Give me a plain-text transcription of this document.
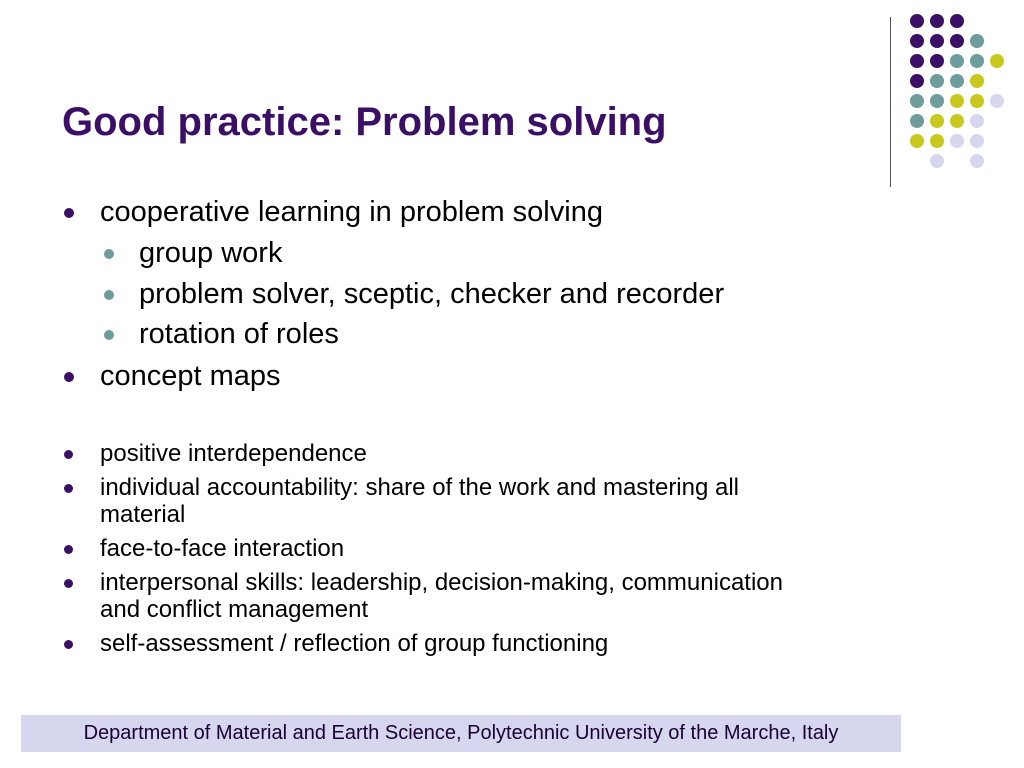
Good practice: Problem solving
cooperative learning in problem solving
group work
problem solver, sceptic, checker and recorder
rotation of roles
concept maps
positive interdependence
individual accountability: share of the work and mastering all
material
face-to-face interaction
interpersonal skills: leadership, decision-making, communication
and conflict management
self-assessment / reflection of group functioning
Department of Material and Earth Science, Polytechnic University of the Marche, Italy
